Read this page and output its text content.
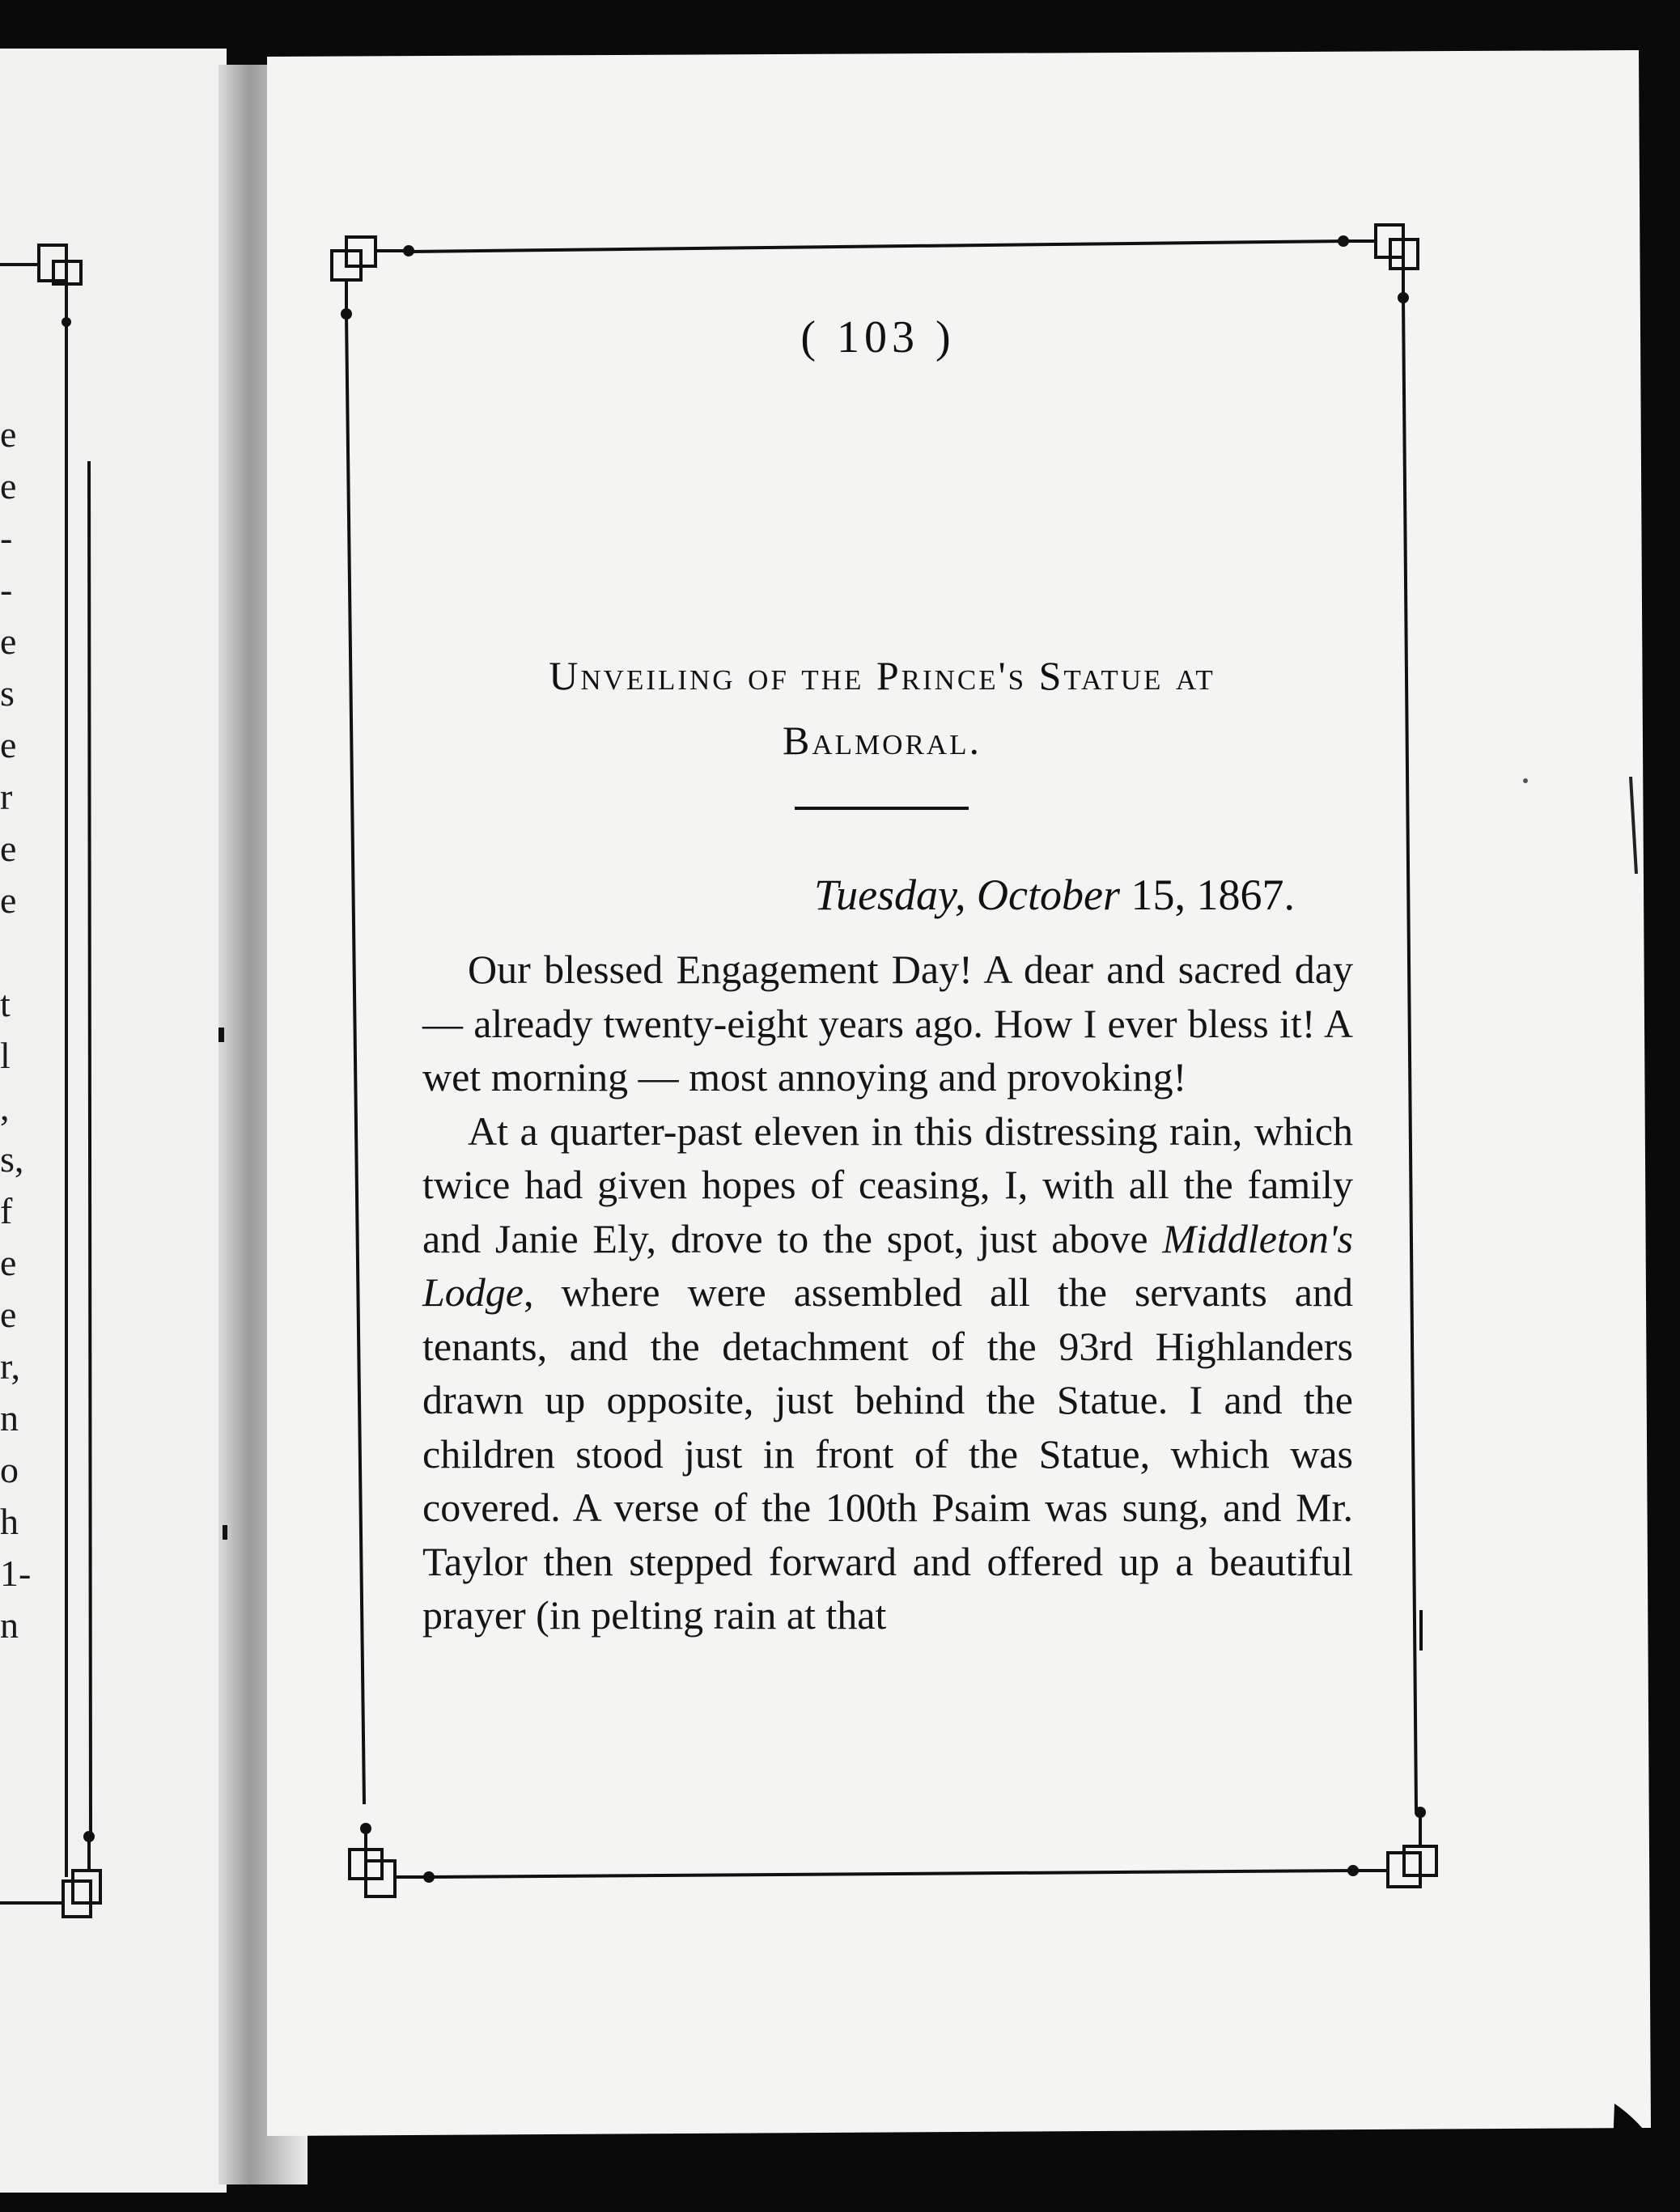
( 103 )
Unveiling of the Prince's Statue at
Balmoral.
Tuesday, October 15, 1867.

Our blessed Engagement Day! A dear and sacred day — already twenty-eight years ago. How I ever bless it! A wet morning — most annoying and provoking!

At a quarter-past eleven in this distressing rain, which twice had given hopes of ceasing, I, with all the family and Janie Ely, drove to the spot, just above Middleton's Lodge, where were assembled all the servants and tenants, and the detachment of the 93rd Highlanders drawn up opposite, just behind the Statue. I and the children stood just in front of the Statue, which was covered. A verse of the 100th Psaim was sung, and Mr. Taylor then stepped forward and offered up a beautiful prayer (in pelting rain at that

e
e
-
-
e
s
e
r
e
e
t
l
,
s,
f
e
e
r,
n
o
h
1-
n
